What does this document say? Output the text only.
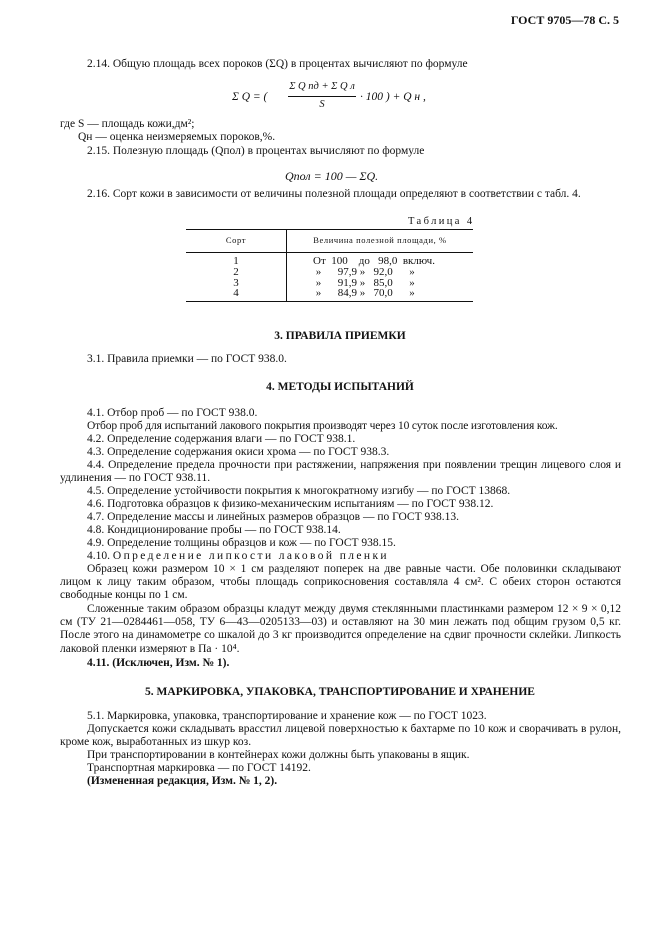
ГОСТ 9705—78 С. 5
2.14. Общую площадь всех пороков (ΣQ) в процентах вычисляют по формуле
Σ Q = (
Σ Q пд + Σ Q л
S
· 100 ) + Q н ,
где S — площадь кожи,дм²;
Qн — оценка неизмеряемых пороков,%.
2.15. Полезную площадь (Qпол) в процентах вычисляют по формуле
Qпол = 100 — ΣQ.
2.16. Сорт кожи в зависимости от величины полезной площади определяют в соответствии с табл. 4.
Таблица 4
Сорт	Величина полезной площади, %
1	От  100    до   98,0  включ.
2	»      97,9 »   92,0      »
3	»      91,9 »   85,0      »
4	»      84,9 »   70,0      »
3. ПРАВИЛА ПРИЕМКИ
3.1. Правила приемки — по ГОСТ 938.0.
4. МЕТОДЫ ИСПЫТАНИЙ
4.1. Отбор проб — по ГОСТ 938.0.
Отбор проб для испытаний лакового покрытия производят через 10 суток после изготовления кож.
4.2. Определение содержания влаги — по ГОСТ 938.1.
4.3. Определение содержания окиси хрома — по ГОСТ 938.3.
4.4. Определение предела прочности при растяжении, напряжения при появлении трещин лицевого слоя и удлинения — по ГОСТ 938.11.
4.5. Определение устойчивости покрытия к многократному изгибу — по ГОСТ 13868.
4.6. Подготовка образцов к физико-механическим испытаниям — по ГОСТ 938.12.
4.7. Определение массы и линейных размеров образцов — по ГОСТ 938.13.
4.8. Кондиционирование пробы — по ГОСТ 938.14.
4.9. Определение толщины образцов и кож — по ГОСТ 938.15.
4.10. Определение липкости лаковой пленки
Образец кожи размером 10 × 1 см разделяют поперек на две равные части. Обе половинки складывают лицом к лицу таким образом, чтобы площадь соприкосновения составляла 4 см². С обеих сторон остаются свободные концы по 1 см.
Сложенные таким образом образцы кладут между двумя стеклянными пластинками размером 12 × 9 × 0,12 см (ТУ 21—0284461—058, ТУ 6—43—0205133—03) и оставляют на 30 мин лежать под общим грузом 0,5 кг. После этого на динамометре со шкалой до 3 кг производится определение на сдвиг прочности склейки. Липкость лаковой пленки измеряют в Па · 10⁴.
4.11. (Исключен, Изм. № 1).
5. МАРКИРОВКА, УПАКОВКА, ТРАНСПОРТИРОВАНИЕ И ХРАНЕНИЕ
5.1. Маркировка, упаковка, транспортирование и хранение кож — по ГОСТ 1023.
Допускается кожи складывать врасстил лицевой поверхностью к бахтарме по 10 кож и сворачивать в рулон, кроме кож, выработанных из шкур коз.
При транспортировании в контейнерах кожи должны быть упакованы в ящик.
Транспортная маркировка — по ГОСТ 14192.
(Измененная редакция, Изм. № 1, 2).
